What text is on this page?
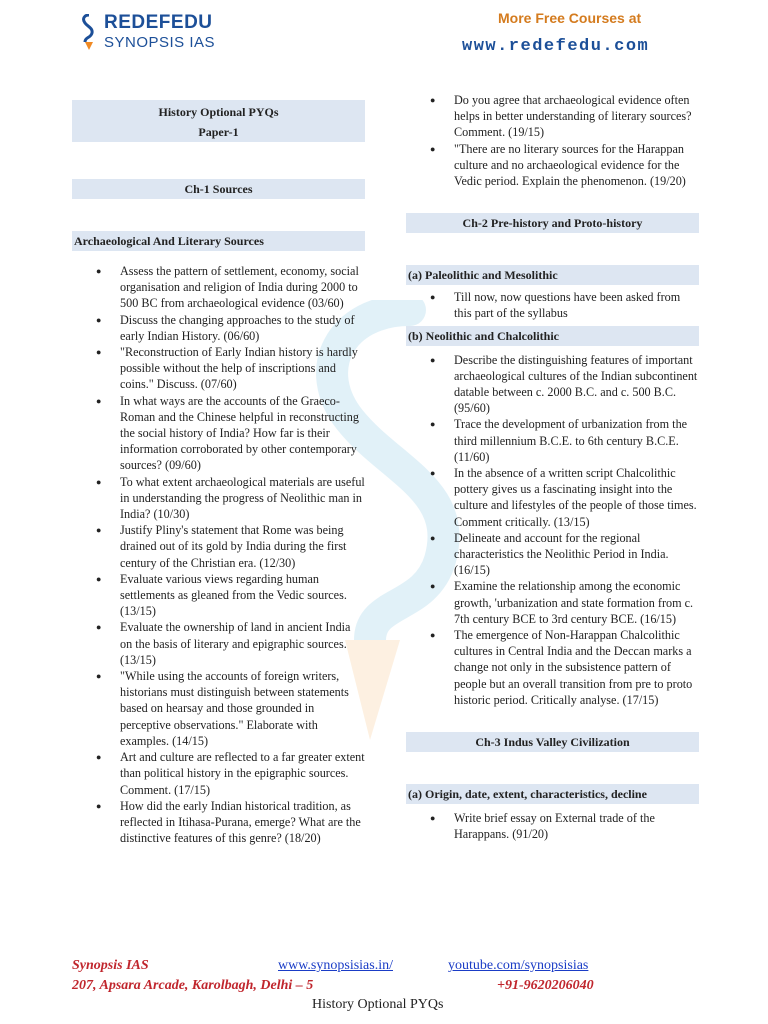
REDEFEDU
SYNOPSIS IAS
More Free Courses at
www.redefedu.com
History Optional PYQs
Paper-1
Ch-1 Sources
Archaeological And Literary Sources
● Assess the pattern of settlement, economy, social organisation and religion of India during 2000 to 500 BC from archaeological evidence (03/60)
● Discuss the changing approaches to the study of early Indian History. (06/60)
● "Reconstruction of Early Indian history is hardly possible without the help of inscriptions and coins." Discuss. (07/60)
● In what ways are the accounts of the Graeco-Roman and the Chinese helpful in reconstructing the social history of India? How far is their information corroborated by other contemporary sources? (09/60)
● To what extent archaeological materials are useful in understanding the progress of Neolithic man in India? (10/30)
● Justify Pliny's statement that Rome was being drained out of its gold by India during the first century of the Christian era. (12/30)
● Evaluate various views regarding human settlements as gleaned from the Vedic sources. (13/15)
● Evaluate the ownership of land in ancient India on the basis of literary and epigraphic sources. (13/15)
● "While using the accounts of foreign writers, historians must distinguish between statements based on hearsay and those grounded in perceptive observations." Elaborate with examples. (14/15)
● Art and culture are reflected to a far greater extent than political history in the epigraphic sources. Comment. (17/15)
● How did the early Indian historical tradition, as reflected in Itihasa-Purana, emerge? What are the distinctive features of this genre? (18/20)
● Do you agree that archaeological evidence often helps in better understanding of literary sources? Comment. (19/15)
● "There are no literary sources for the Harappan culture and no archaeological evidence for the Vedic period. Explain the phenomenon. (19/20)
Ch-2 Pre-history and Proto-history
(a) Paleolithic and Mesolithic
● Till now, now questions have been asked from this part of the syllabus
(b) Neolithic and Chalcolithic
● Describe the distinguishing features of important archaeological cultures of the Indian subcontinent datable between c. 2000 B.C. and c. 500 B.C. (95/60)
● Trace the development of urbanization from the third millennium B.C.E. to 6th century B.C.E. (11/60)
● In the absence of a written script Chalcolithic pottery gives us a fascinating insight into the culture and lifestyles of the people of those times. Comment critically. (13/15)
● Delineate and account for the regional characteristics the Neolithic Period in India. (16/15)
● Examine the relationship among the economic growth, 'urbanization and state formation from c. 7th century BCE to 3rd century BCE. (16/15)
● The emergence of Non-Harappan Chalcolithic cultures in Central India and the Deccan marks a change not only in the subsistence pattern of people but an overall transition from pre to proto historic period. Critically analyse. (17/15)
Ch-3 Indus Valley Civilization
(a) Origin, date, extent, characteristics, decline
● Write brief essay on External trade of the Harappans. (91/20)
Synopsis IAS	www.synopsisias.in/	youtube.com/synopsisias
207, Apsara Arcade, Karolbagh, Delhi – 5	+91-9620206040
History Optional PYQs
